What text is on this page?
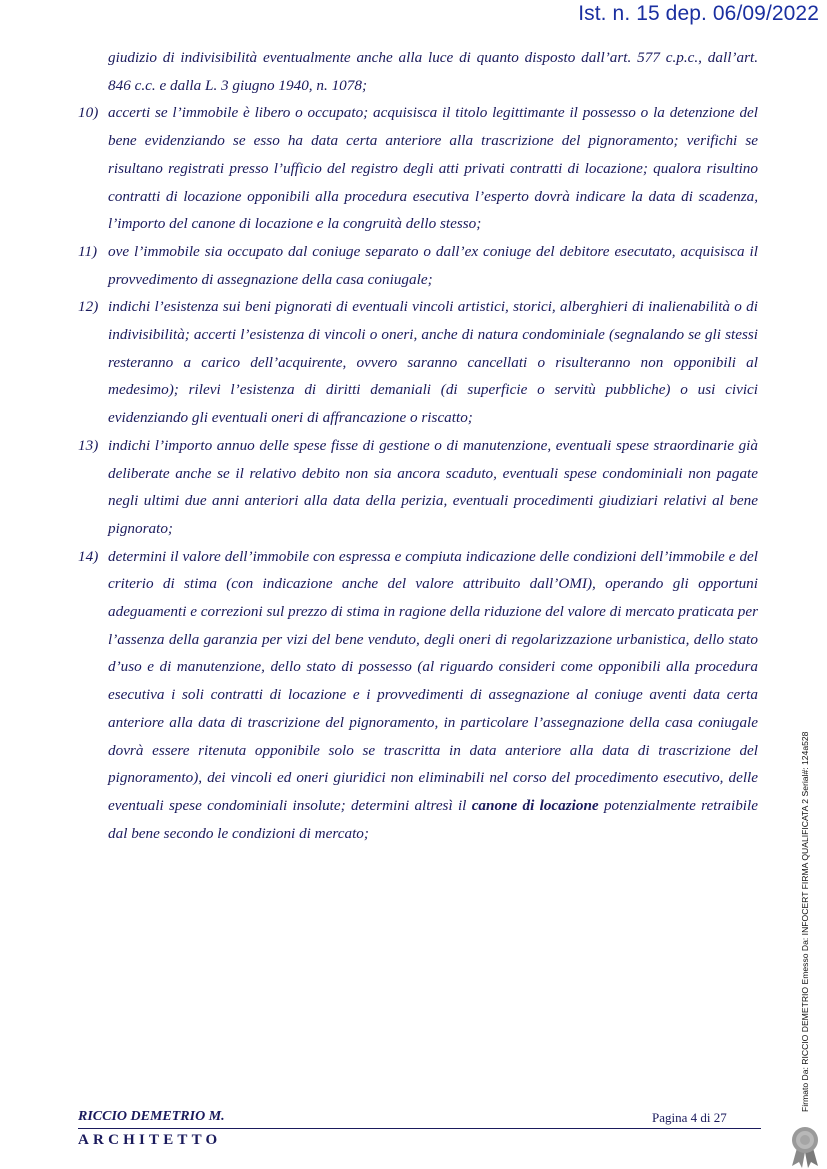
Ist. n. 15 dep. 06/09/2022
giudizio di indivisibilità eventualmente anche alla luce di quanto disposto dall’art. 577 c.p.c., dall’art. 846 c.c. e dalla L. 3 giugno 1940, n. 1078;
10) accerti se l’immobile è libero o occupato; acquisisca il titolo legittimante il possesso o la detenzione del bene evidenziando se esso ha data certa anteriore alla trascrizione del pignoramento; verifichi se risultano registrati presso l’ufficio del registro degli atti privati contratti di locazione; qualora risultino contratti di locazione opponibili alla procedura esecutiva l’esperto dovrà indicare la data di scadenza, l’importo del canone di locazione e la congruità dello stesso;
11) ove l’immobile sia occupato dal coniuge separato o dall’ex coniuge del debitore esecutato, acquisisca il provvedimento di assegnazione della casa coniugale;
12) indichi l’esistenza sui beni pignorati di eventuali vincoli artistici, storici, alberghieri di inalienabilità o di indivisibilità; accerti l’esistenza di vincoli o oneri, anche di natura condominiale (segnalando se gli stessi resteranno a carico dell’acquirente, ovvero saranno cancellati o risulteranno non opponibili al medesimo); rilevi l’esistenza di diritti demaniali (di superficie o servitù pubbliche) o usi civici evidenziando gli eventuali oneri di affrancazione o riscatto;
13) indichi l’importo annuo delle spese fisse di gestione o di manutenzione, eventuali spese straordinarie già deliberate anche se il relativo debito non sia ancora scaduto, eventuali spese condominiali non pagate negli ultimi due anni anteriori alla data della perizia, eventuali procedimenti giudiziari relativi al bene pignorato;
14) determini il valore dell’immobile con espressa e compiuta indicazione delle condizioni dell’immobile e del criterio di stima (con indicazione anche del valore attribuito dall’OMI), operando gli opportuni adeguamenti e correzioni sul prezzo di stima in ragione della riduzione del valore di mercato praticata per l’assenza della garanzia per vizi del bene venduto, degli oneri di regolarizzazione urbanistica, dello stato d’uso e di manutenzione, dello stato di possesso (al riguardo consideri come opponibili alla procedura esecutiva i soli contratti di locazione e i provvedimenti di assegnazione al coniuge aventi data certa anteriore alla data di trascrizione del pignoramento, in particolare l’assegnazione della casa coniugale dovrà essere ritenuta opponibile solo se trascritta in data anteriore alla data di trascrizione del pignoramento), dei vincoli ed oneri giuridici non eliminabili nel corso del procedimento esecutivo, delle eventuali spese condominiali insolute; determini altresì il canone di locazione potenzialmente retraibile dal bene secondo le condizioni di mercato;
RICCIO DEMETRIO M.	Pagina 4 di 27
ARCHITETTO
Firmato Da: RICCIO DEMETRIO Emesso Da: INFOCERT FIRMA QUALIFICATA 2 Serial#: 124a528
